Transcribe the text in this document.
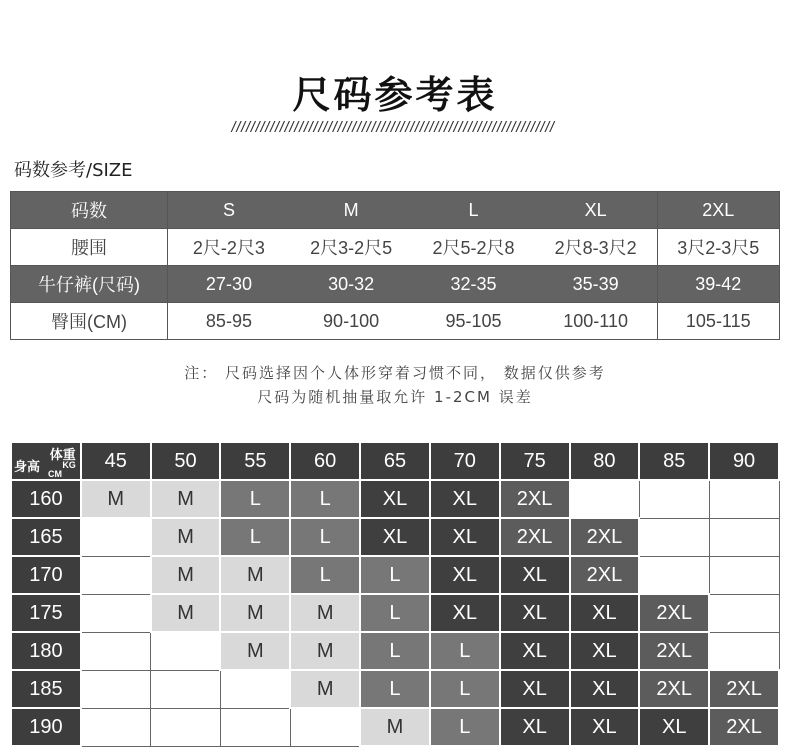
尺码参考表
///////////////////////////////////////////////////////////////////
码数参考/SIZE
码数	S	M	L	XL	2XL
腰围	2尺-2尺3	2尺3-2尺5	2尺5-2尺8	2尺8-3尺2	3尺2-3尺5
牛仔裤(尺码)	27-30	30-32	32-35	35-39	39-42
臀围(CM)	85-95	90-100	95-105	100-110	105-115
注： 尺码选择因个人体形穿着习惯不同， 数据仅供参考
尺码为随机抽量取允许 1-2CM 误差
体重
KG
身高 CM	45	50	55	60	65	70	75	80	85	90
160	M	M	L	L	XL	XL	2XL			
165		M	L	L	XL	XL	2XL	2XL		
170		M	M	L	L	XL	XL	2XL		
175		M	M	M	L	XL	XL	XL	2XL	
180			M	M	L	L	XL	XL	2XL	
185				M	L	L	XL	XL	2XL	2XL
190					M	L	XL	XL	XL	2XL
